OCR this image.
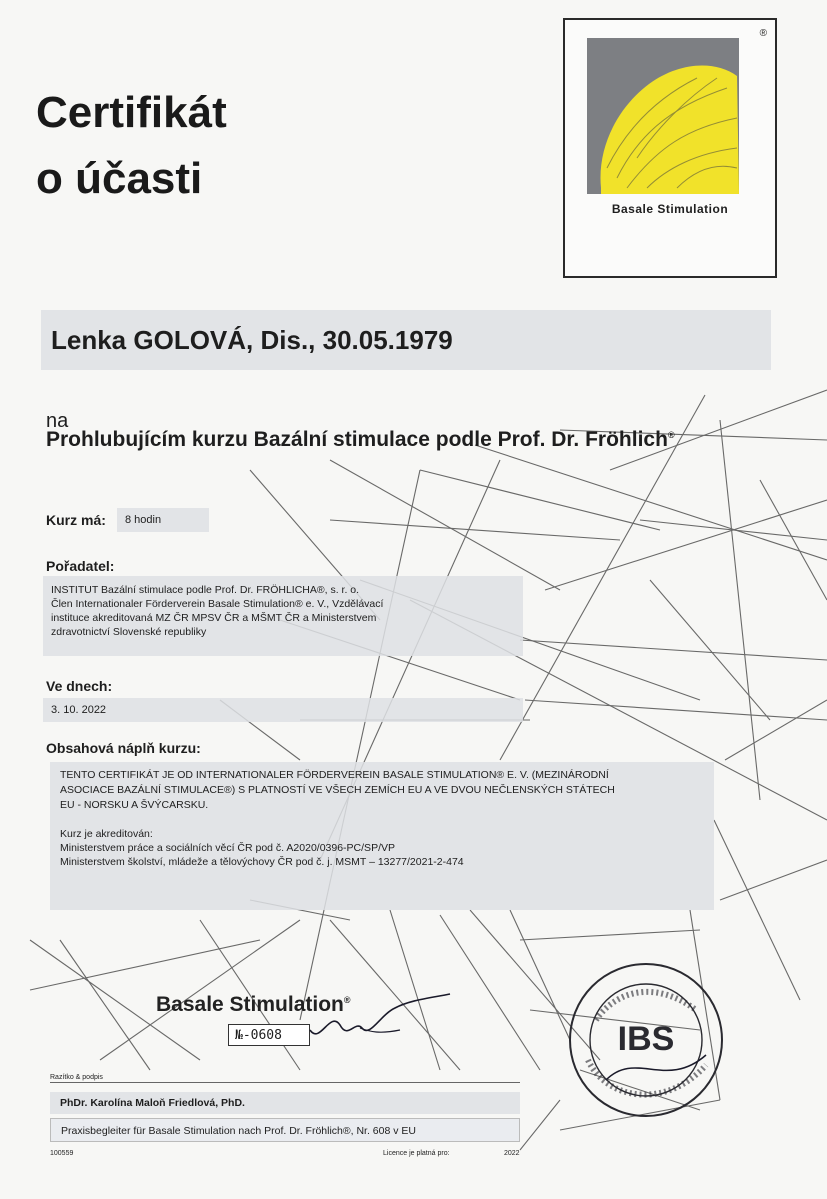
Certifikát
o účasti
®
Basale Stimulation
Lenka GOLOVÁ, Dis., 30.05.1979
na
Prohlubujícím kurzu Bazální stimulace podle Prof. Dr. Fröhlich®
Kurz má:	8 hodin
Pořadatel:
INSTITUT Bazální stimulace podle Prof. Dr. FRÖHLICHA®, s. r. o.
Člen Internationaler Förderverein Basale Stimulation® e. V., Vzdělávací
instituce akreditovaná MZ ČR MPSV ČR a MŠMT ČR a Ministerstvem
zdravotnictví Slovenské republiky
Ve dnech:
3. 10. 2022
Obsahová náplň kurzu:
TENTO CERTIFIKÁT JE OD INTERNATIONALER FÖRDERVEREIN BASALE STIMULATION® E. V. (MEZINÁRODNÍ
ASOCIACE BAZÁLNÍ STIMULACE®) S PLATNOSTÍ VE VŠECH ZEMÍCH EU A VE DVOU NEČLENSKÝCH STÁTECH
EU - NORSKU A ŠVÝCARSKU.
Kurz je akreditován:
Ministerstvem práce a sociálních věcí ČR pod č. A2020/0396-PC/SP/VP
Ministerstvem školství, mládeže a tělovýchovy ČR pod č. j. MSMT – 13277/2021-2-474
Basale Stimulation®
№-0608	IBS
Razítko & podpis
PhDr. Karolína Maloň Friedlová, PhD.
Praxisbegleiter für Basale Stimulation nach Prof. Dr. Fröhlich®, Nr. 608 v EU
100559	Licence je platná pro:	2022
